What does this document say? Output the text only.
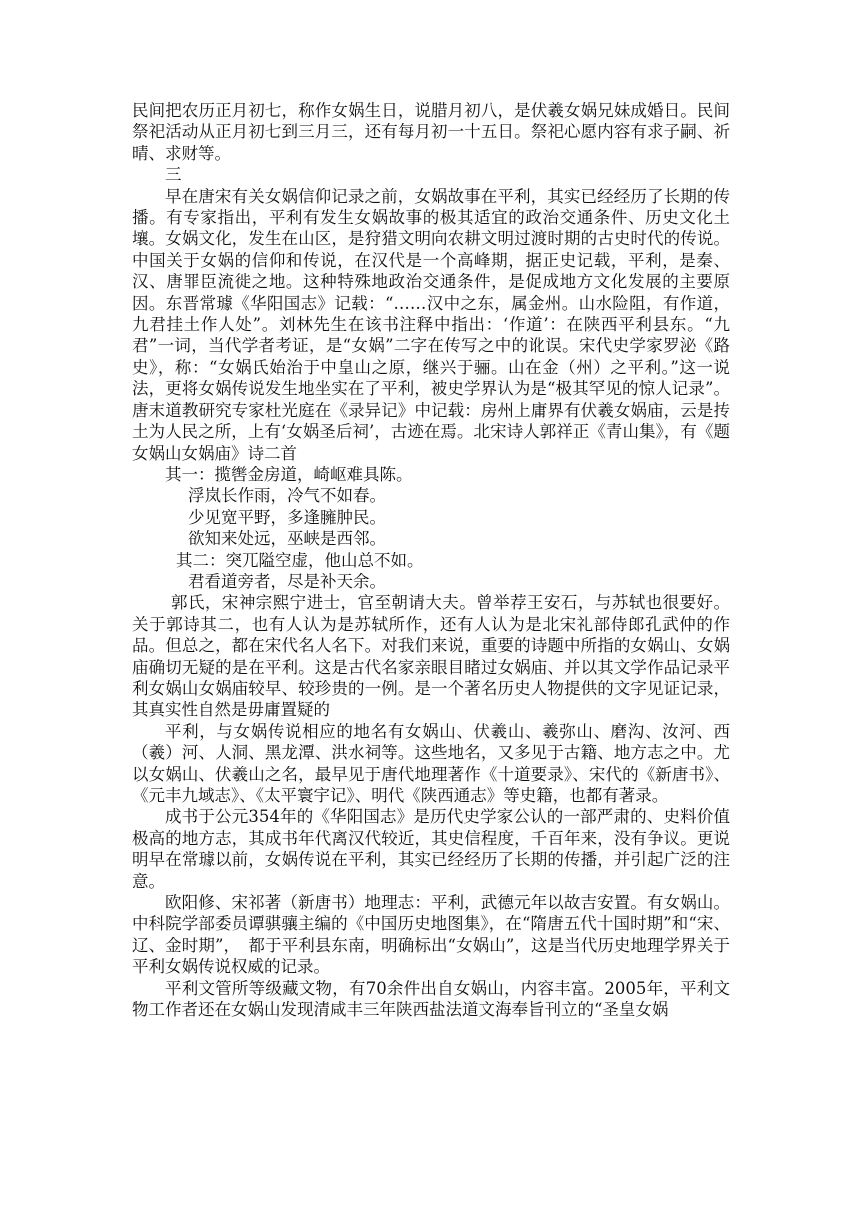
民间把农历正月初七，称作女娲生日，说腊月初八，是伏羲女娲兄妹成婚日。民间祭祀活动从正月初七到三月三，还有每月初一十五日。祭祀心愿内容有求子嗣、祈晴、求财等。

三

早在唐宋有关女娲信仰记录之前，女娲故事在平利，其实已经经历了长期的传播。有专家指出，平利有发生女娲故事的极其适宜的政治交通条件、历史文化土壤。女娲文化，发生在山区，是狩猎文明向农耕文明过渡时期的古史时代的传说。中国关于女娲的信仰和传说，在汉代是一个高峰期，据正史记载，平利，是秦、汉、唐罪臣流徙之地。这种特殊地政治交通条件，是促成地方文化发展的主要原因。东晋常璩《华阳国志》记载：“……汉中之东，属金州。山水险阻，有作道，九君挂土作人处”。刘林先生在该书注释中指出：‘作道’：在陕西平利县东。“九君”一词，当代学者考证，是“女娲”二字在传写之中的讹误。宋代史学家罗泌《路史》，称：“女娲氏始治于中皇山之原，继兴于骊。山在金（州）之平利。”这一说法，更将女娲传说发生地坐实在了平利，被史学界认为是“极其罕见的惊人记录”。唐末道教研究专家杜光庭在《录异记》中记载：房州上庸界有伏羲女娲庙，云是抟土为人民之所，上有‘女娲圣后祠’，古迹在焉。北宋诗人郭祥正《青山集》，有《题女娲山女娲庙》诗二首

其一：揽辔金房道，崎岖难具陈。

浮岚长作雨，冷气不如春。

少见宽平野，多逢臃肿民。

欲知来处远，巫峡是西邻。

其二：突兀隘空虚，他山总不如。

君看道旁者，尽是补天余。

郭氏，宋神宗熙宁进士，官至朝请大夫。曾举荐王安石，与苏轼也很要好。关于郭诗其二，也有人认为是苏轼所作，还有人认为是北宋礼部侍郎孔武仲的作品。但总之，都在宋代名人名下。对我们来说，重要的诗题中所指的女娲山、女娲庙确切无疑的是在平利。这是古代名家亲眼目睹过女娲庙、并以其文学作品记录平利女娲山女娲庙较早、较珍贵的一例。是一个著名历史人物提供的文字见证记录，其真实性自然是毋庸置疑的

平利，与女娲传说相应的地名有女娲山、伏羲山、羲弥山、磨沟、汝河、西（羲）河、人洞、黑龙潭、洪水祠等。这些地名，又多见于古籍、地方志之中。尤以女娲山、伏羲山之名，最早见于唐代地理著作《十道要录》、宋代的《新唐书》、《元丰九域志》、《太平寰宇记》、明代《陕西通志》等史籍，也都有著录。

成书于公元354年的《华阳国志》是历代史学家公认的一部严肃的、史料价值极高的地方志，其成书年代离汉代较近，其史信程度，千百年来，没有争议。更说明早在常璩以前，女娲传说在平利，其实已经经历了长期的传播，并引起广泛的注意。

欧阳修、宋祁著（新唐书）地理志：平利，武德元年以故吉安置。有女娲山。中科院学部委员谭骐骧主编的《中国历史地图集》，在“隋唐五代十国时期”和“宋、辽、金时期”，　都于平利县东南，明确标出“女娲山”，这是当代历史地理学界关于平利女娲传说权威的记录。

平利文管所等级藏文物，有70余件出自女娲山，内容丰富。2005年，平利文物工作者还在女娲山发现清咸丰三年陕西盐法道文海奉旨刊立的“圣皇女娲
